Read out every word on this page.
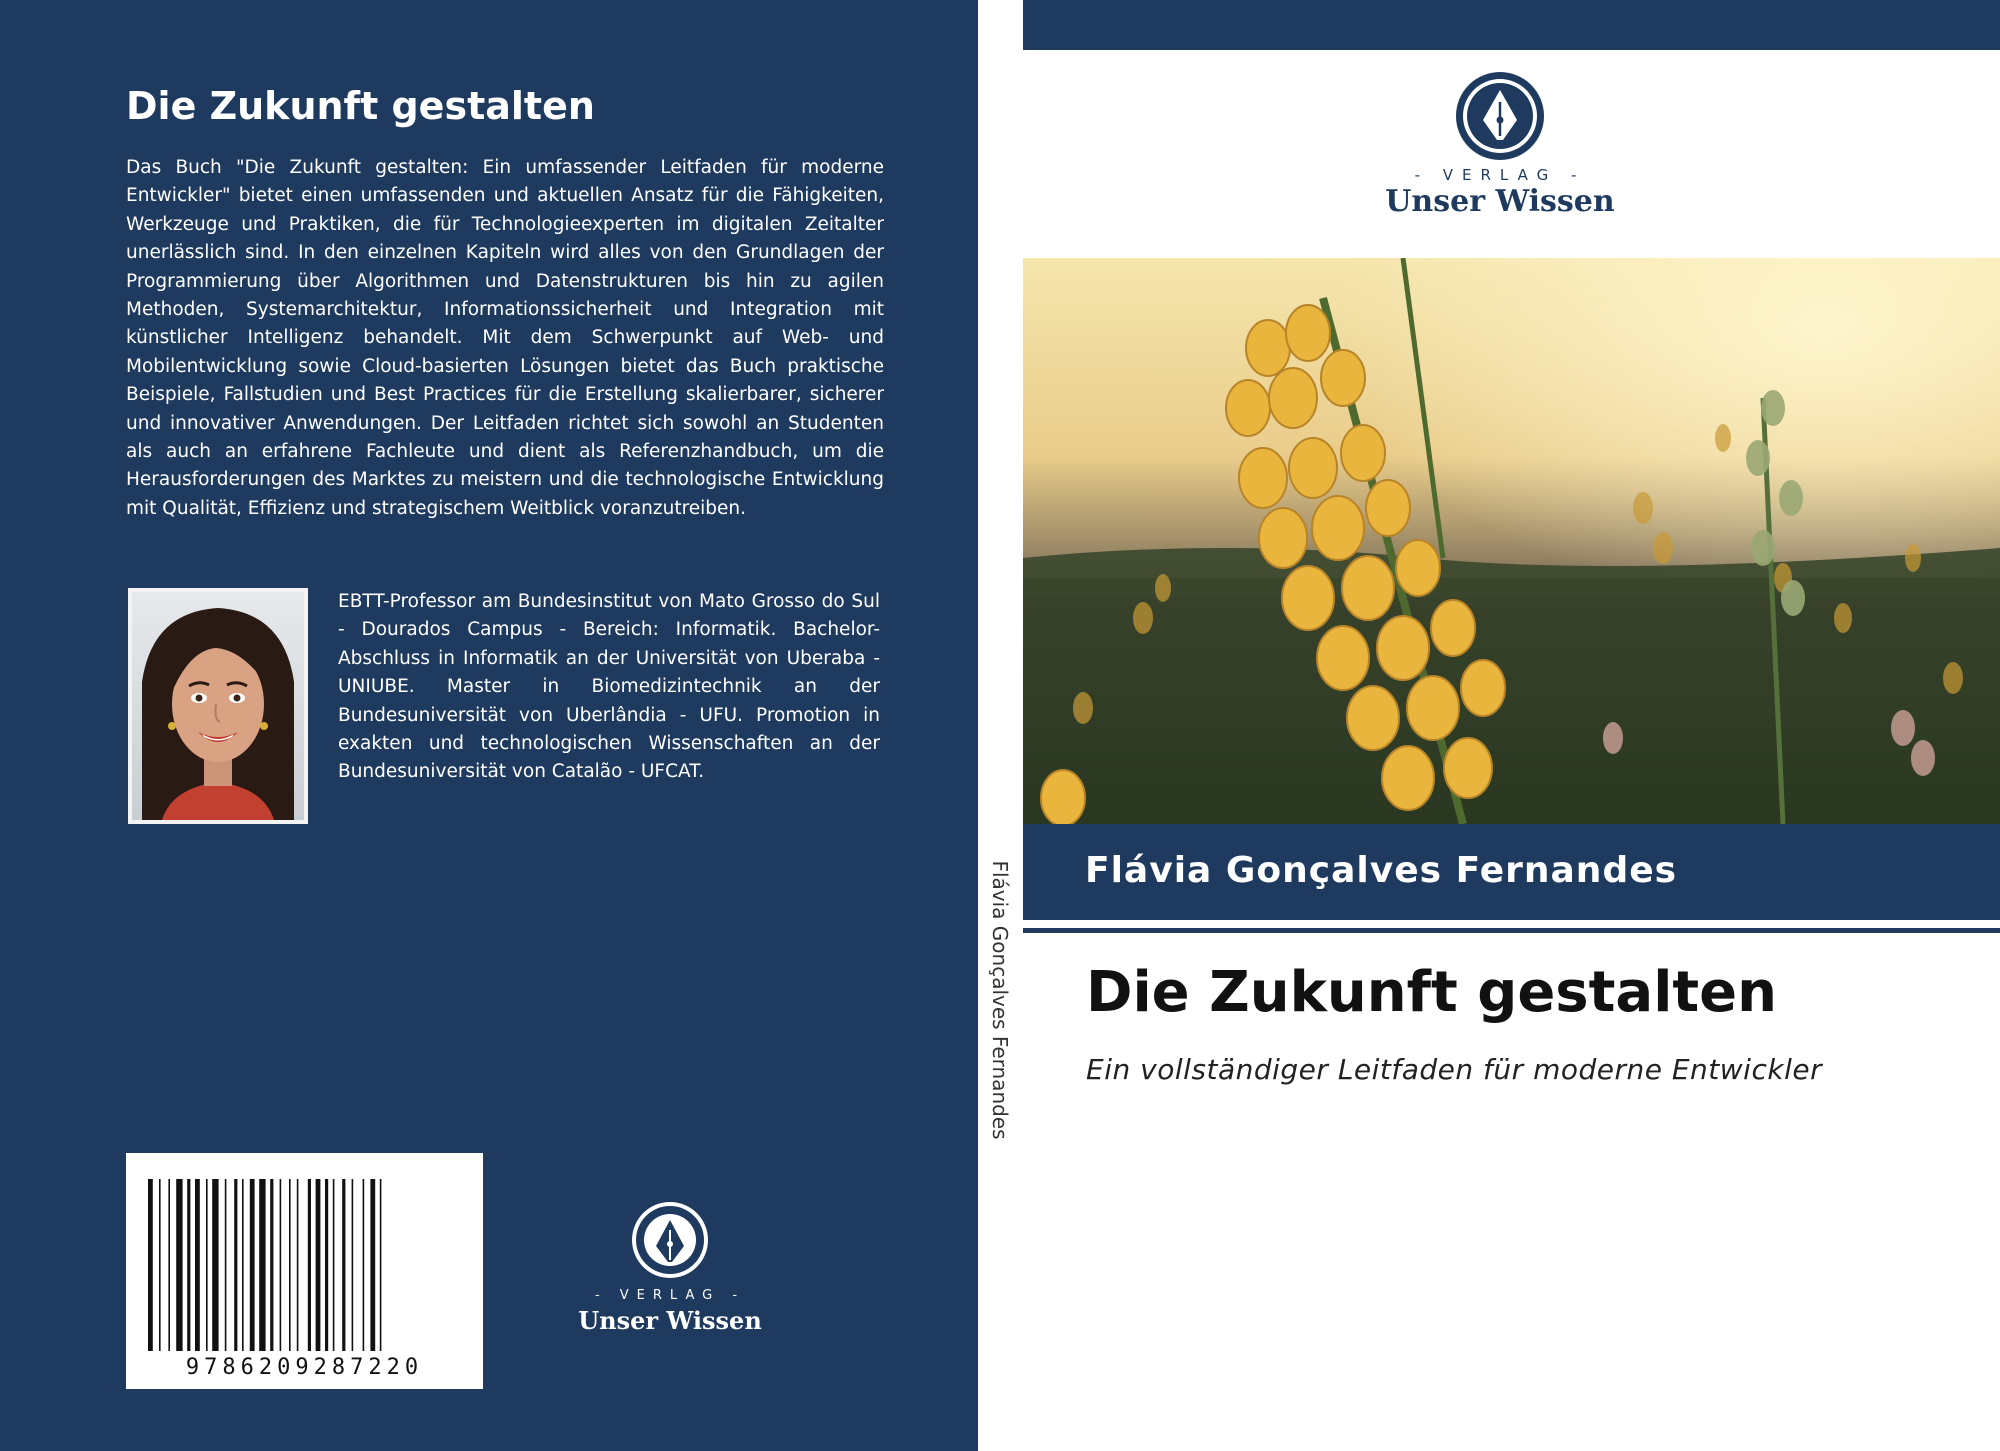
Die Zukunft gestalten

Das Buch "Die Zukunft gestalten: Ein umfassender Leitfaden für moderne Entwickler" bietet einen umfassenden und aktuellen Ansatz für die Fähigkeiten, Werkzeuge und Praktiken, die für Technologieexperten im digitalen Zeitalter unerlässlich sind. In den einzelnen Kapiteln wird alles von den Grundlagen der Programmierung über Algorithmen und Datenstrukturen bis hin zu agilen Methoden, Systemarchitektur, Informationssicherheit und Integration mit künstlicher Intelligenz behandelt. Mit dem Schwerpunkt auf Web- und Mobilentwicklung sowie Cloud-basierten Lösungen bietet das Buch praktische Beispiele, Fallstudien und Best Practices für die Erstellung skalierbarer, sicherer und innovativer Anwendungen. Der Leitfaden richtet sich sowohl an Studenten als auch an erfahrene Fachleute und dient als Referenzhandbuch, um die Herausforderungen des Marktes zu meistern und die technologische Entwicklung mit Qualität, Effizienz und strategischem Weitblick voranzutreiben.

EBTT-Professor am Bundesinstitut von Mato Grosso do Sul - Dourados Campus - Bereich: Informatik. Bachelor-Abschluss in Informatik an der Universität von Uberaba - UNIUBE. Master in Biomedizintechnik an der Bundesuniversität von Uberlândia - UFU. Promotion in exakten und technologischen Wissenschaften an der Bundesuniversität von Catalão - UFCAT.

9786209287220
- VERLAG -
Unser Wissen
Flávia Gonçalves Fernandes
- VERLAG -
Unser Wissen
Flávia Gonçalves Fernandes
Die Zukunft gestalten

Ein vollständiger Leitfaden für moderne Entwickler
